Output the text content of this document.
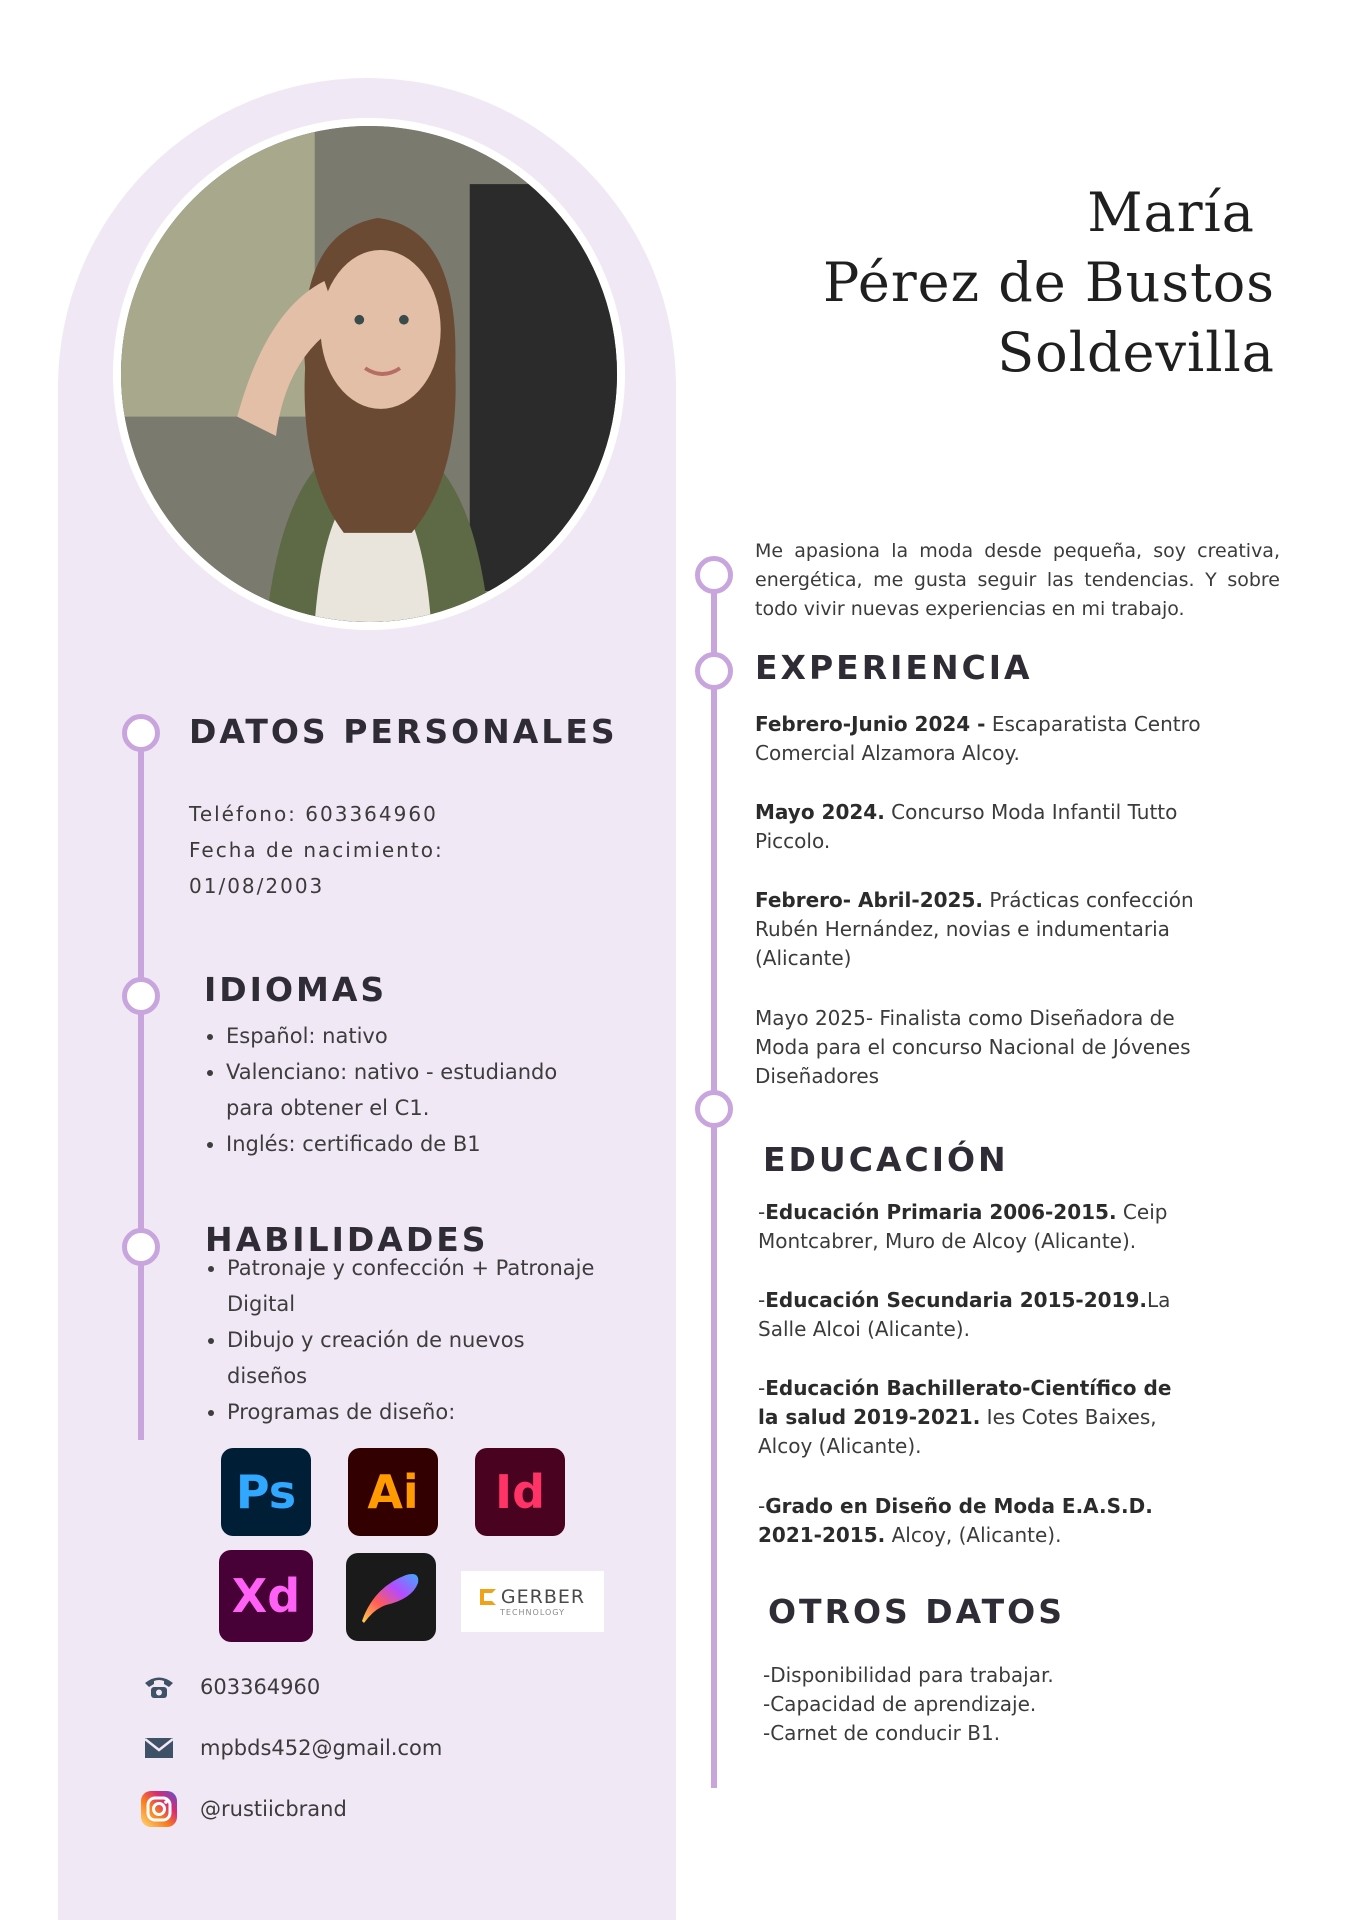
DATOS PERSONALES
Teléfono: 603364960
Fecha de nacimiento:
01/08/2003
IDIOMAS
• Español: nativo
• Valenciano: nativo - estudiando para obtener el C1.
• Inglés: certificado de B1
HABILIDADES
• Patronaje y confección + Patronaje Digital
• Dibujo y creación de nuevos diseños
• Programas de diseño:
Ps	Ai	Id
Xd	GERBER
TECHNOLOGY
603364960
mpbds452@gmail.com
@rustiicbrand
María
Pérez de Bustos
Soldevilla
Me apasiona la moda desde pequeña, soy creativa, energética, me gusta seguir las tendencias. Y sobre todo vivir nuevas experiencias en mi trabajo.
EXPERIENCIA
Febrero-Junio 2024 - Escaparatista Centro Comercial Alzamora Alcoy.
Mayo 2024. Concurso Moda Infantil Tutto Piccolo.
Febrero- Abril-2025. Prácticas confección Rubén Hernández, novias e indumentaria (Alicante)
Mayo 2025- Finalista como Diseñadora de Moda para el concurso Nacional de Jóvenes Diseñadores
EDUCACIÓN
-Educación Primaria 2006-2015. Ceip Montcabrer, Muro de Alcoy (Alicante).
-Educación Secundaria 2015-2019.La Salle Alcoi (Alicante).
-Educación Bachillerato-Científico de la salud 2019-2021. Ies Cotes Baixes, Alcoy (Alicante).
-Grado en Diseño de Moda E.A.S.D. 2021-2015. Alcoy, (Alicante).
OTROS DATOS
-Disponibilidad para trabajar.
-Capacidad de aprendizaje.
-Carnet de conducir B1.
